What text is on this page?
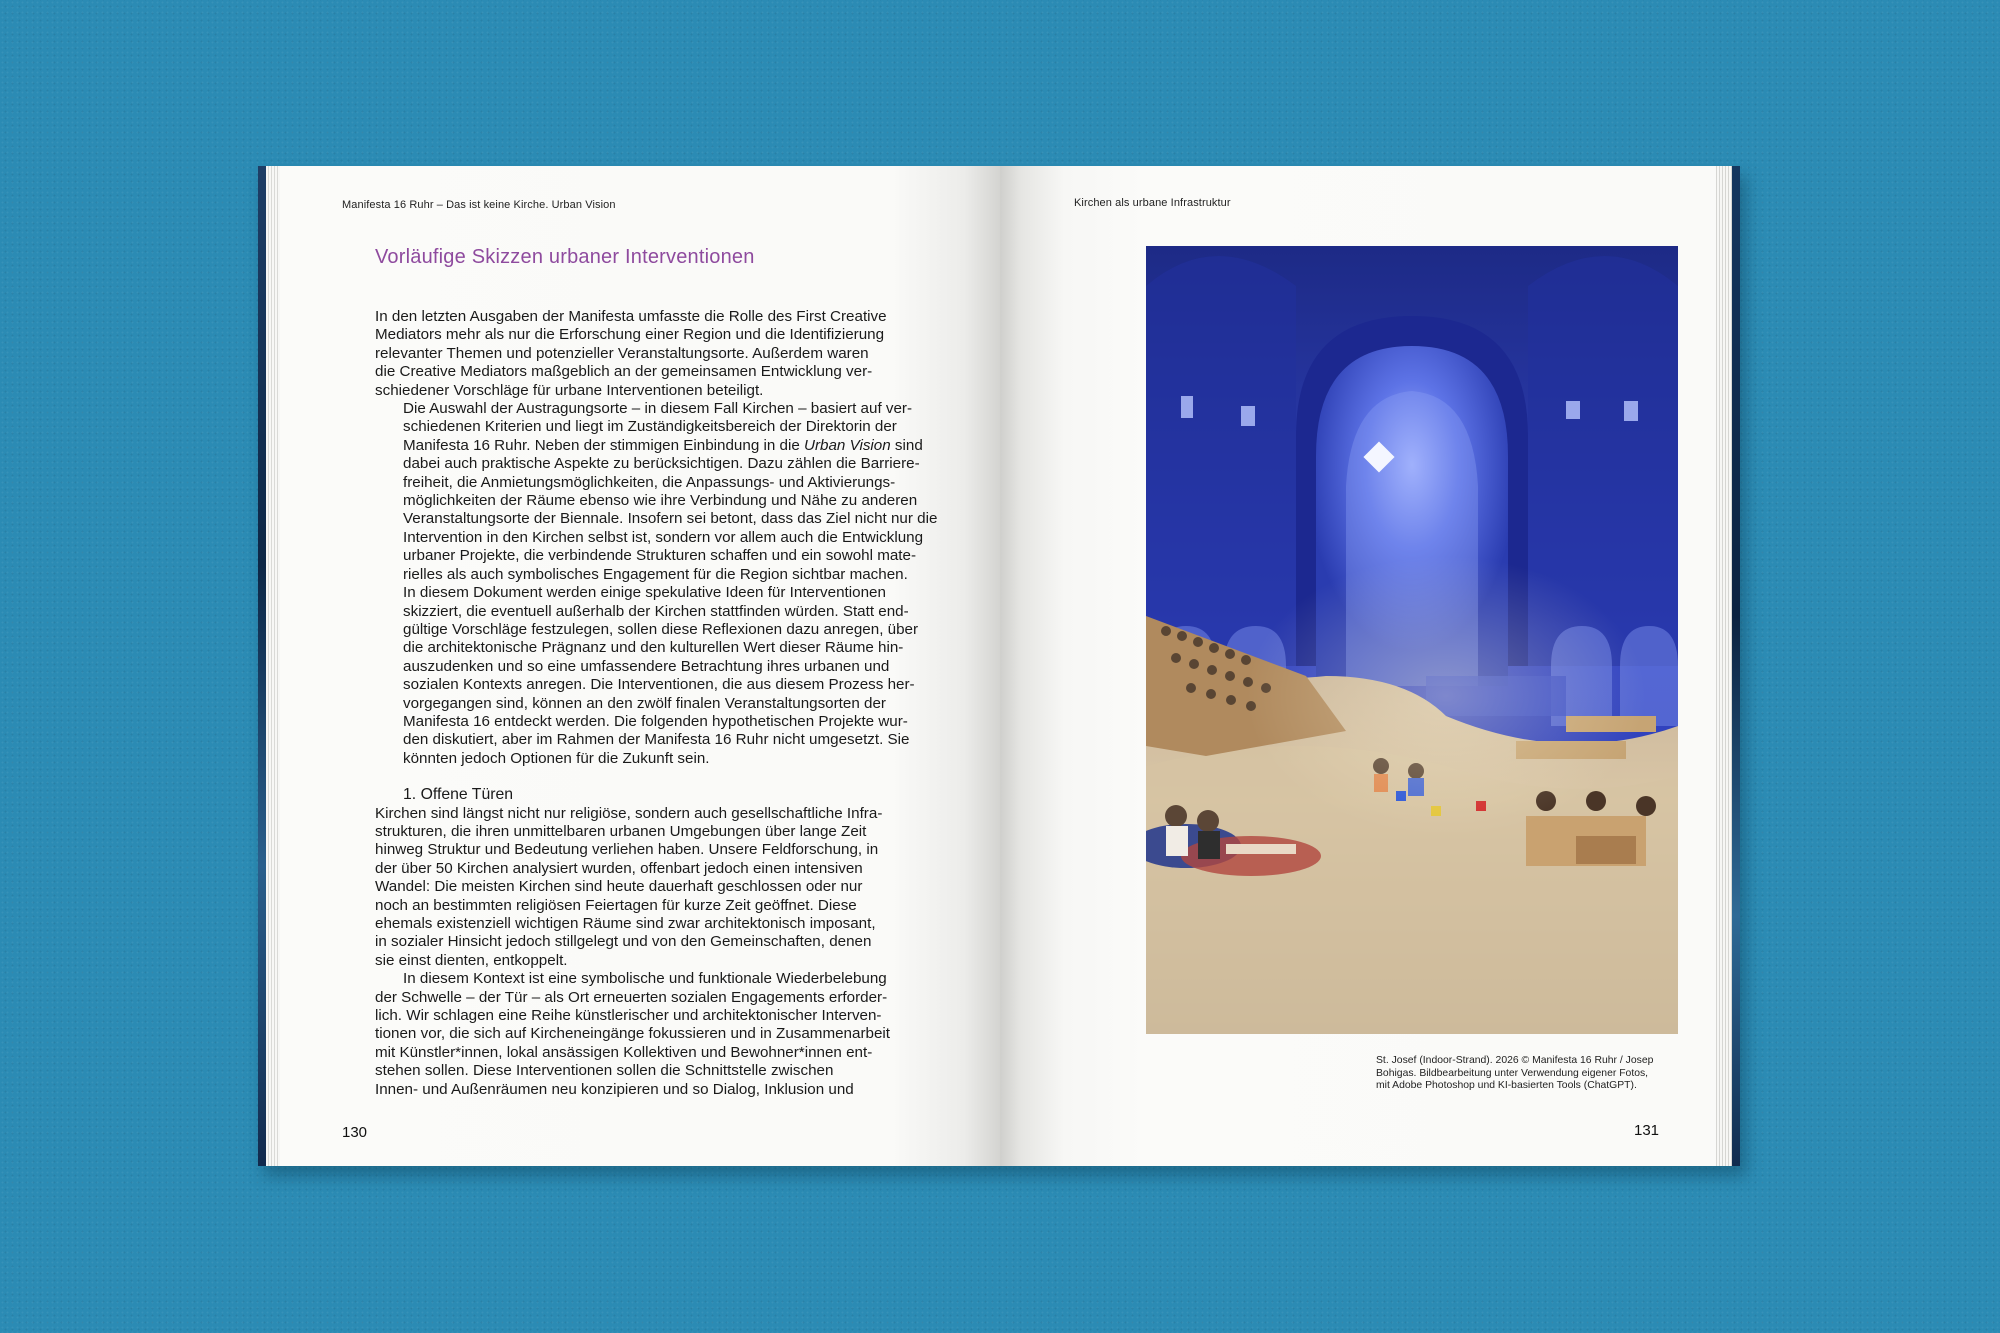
Manifesta 16 Ruhr – Das ist keine Kirche. Urban Vision
Vorläufige Skizzen urbaner Interventionen

In den letzten Ausgaben der Manifesta umfasste die Rolle des First Creative
Mediators mehr als nur die Erforschung einer Region und die Identifizierung
relevanter Themen und potenzieller Veranstaltungsorte. Außerdem waren
die Creative Mediators maßgeblich an der gemeinsamen Entwicklung ver-
schiedener Vorschläge für urbane Interventionen beteiligt.

Die Auswahl der Austragungsorte – in diesem Fall Kirchen – basiert auf ver-
schiedenen Kriterien und liegt im Zuständigkeitsbereich der Direktorin der
Manifesta 16 Ruhr. Neben der stimmigen Einbindung in die Urban Vision sind
dabei auch praktische Aspekte zu berücksichtigen. Dazu zählen die Barriere-
freiheit, die Anmietungsmöglichkeiten, die Anpassungs- und Aktivierungs-
möglichkeiten der Räume ebenso wie ihre Verbindung und Nähe zu anderen
Veranstaltungsorte der Biennale. Insofern sei betont, dass das Ziel nicht nur die
Intervention in den Kirchen selbst ist, sondern vor allem auch die Entwicklung
urbaner Projekte, die verbindende Strukturen schaffen und ein sowohl mate-
rielles als auch symbolisches Engagement für die Region sichtbar machen.

In diesem Dokument werden einige spekulative Ideen für Interventionen
skizziert, die eventuell außerhalb der Kirchen stattfinden würden. Statt end-
gültige Vorschläge festzulegen, sollen diese Reflexionen dazu anregen, über
die architektonische Prägnanz und den kulturellen Wert dieser Räume hin-
auszudenken und so eine umfassendere Betrachtung ihres urbanen und
sozialen Kontexts anregen. Die Interventionen, die aus diesem Prozess her-
vorgegangen sind, können an den zwölf finalen Veranstaltungsorten der
Manifesta 16 entdeckt werden. Die folgenden hypothetischen Projekte wur-
den diskutiert, aber im Rahmen der Manifesta 16 Ruhr nicht umgesetzt. Sie
könnten jedoch Optionen für die Zukunft sein.

1. Offene Türen

Kirchen sind längst nicht nur religiöse, sondern auch gesellschaftliche Infra-
strukturen, die ihren unmittelbaren urbanen Umgebungen über lange Zeit
hinweg Struktur und Bedeutung verliehen haben. Unsere Feldforschung, in
der über 50 Kirchen analysiert wurden, offenbart jedoch einen intensiven
Wandel: Die meisten Kirchen sind heute dauerhaft geschlossen oder nur
noch an bestimmten religiösen Feiertagen für kurze Zeit geöffnet. Diese
ehemals existenziell wichtigen Räume sind zwar architektonisch imposant,
in sozialer Hinsicht jedoch stillgelegt und von den Gemeinschaften, denen
sie einst dienten, entkoppelt.

In diesem Kontext ist eine symbolische und funktionale Wiederbelebung
der Schwelle – der Tür – als Ort erneuerten sozialen Engagements erforder-
lich. Wir schlagen eine Reihe künstlerischer und architektonischer Interven-
tionen vor, die sich auf Kircheneingänge fokussieren und in Zusammenarbeit
mit Künstler*innen, lokal ansässigen Kollektiven und Bewohner*innen ent-
stehen sollen. Diese Interventionen sollen die Schnittstelle zwischen
Innen- und Außenräumen neu konzipieren und so Dialog, Inklusion und

130
Kirchen als urbane Infrastruktur
St. Josef (Indoor-Strand). 2026 © Manifesta 16 Ruhr / Josep
Bohigas. Bildbearbeitung unter Verwendung eigener Fotos,
mit Adobe Photoshop und KI-basierten Tools (ChatGPT).
131
